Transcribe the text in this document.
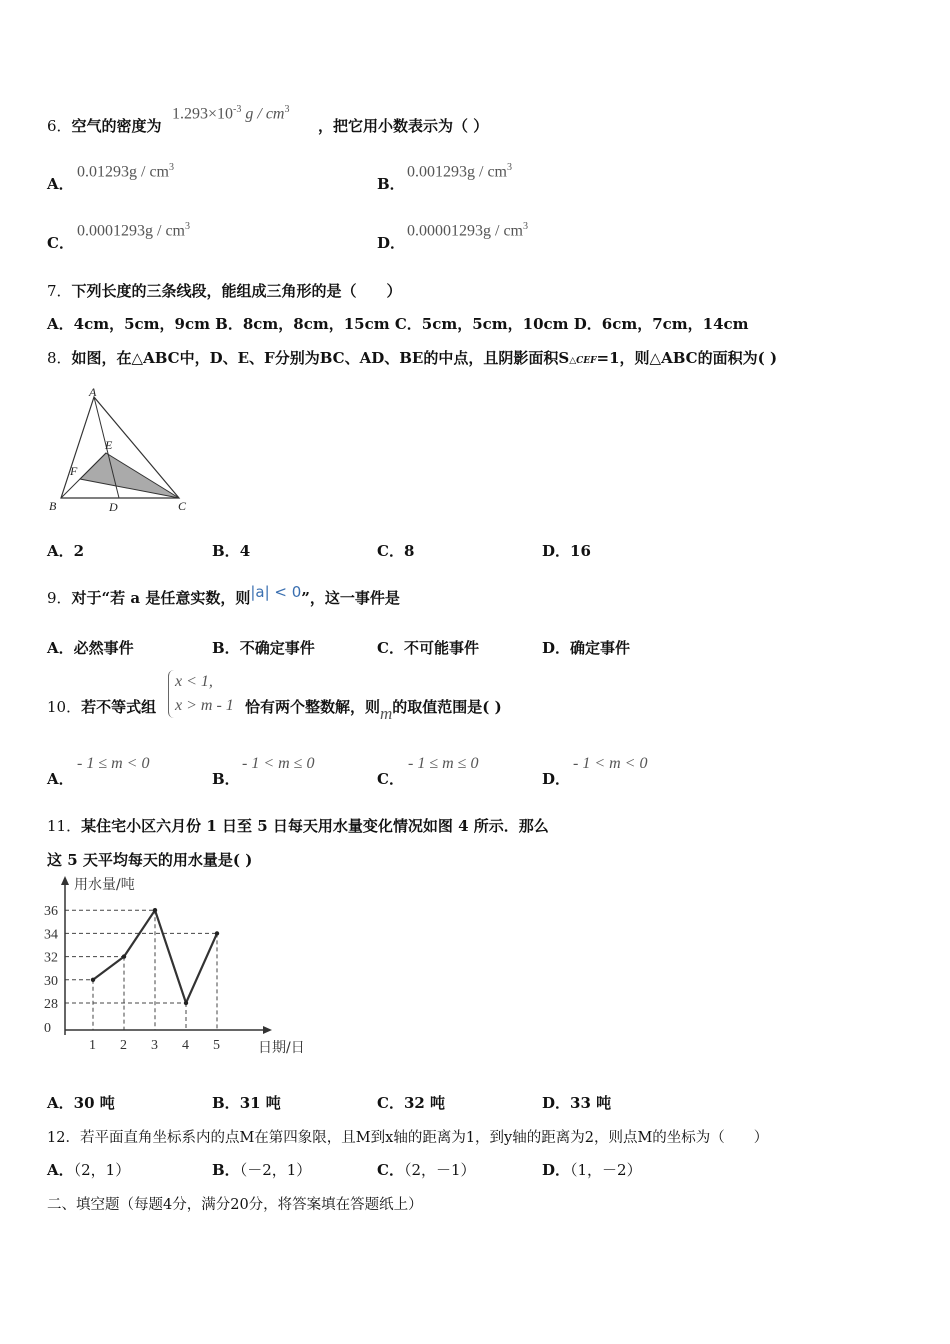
6．空气的密度为
$1.293\times 10^{-3}$ g / $cm^3$
，把它用小数表示为（ ）
A．
$0.01293g / cm^3$
B．
$0.001293g / cm^3$
C．
$0.0001293g / cm^3$
D．
$0.00001293g / cm^3$
7．下列长度的三条线段，能组成三角形的是（　　）
A．4cm，5cm，9cm B．8cm，8cm，15cm C．5cm，5cm，10cm D．6cm，7cm，14cm
8．如图，在△ABC中，D、E、F分别为BC、AD、BE的中点，且阴影面积S△CEF=1，则△ABC的面积为( )
A
E
F
B	D	C
A．2	B．4	C．8	D．16
9．对于“若 a 是任意实数，则|a| < 0”，这一事件是
A．必然事件	B．不确定事件	C．不可能事件	D．确定事件
10．若不等式组
x < 1,
x > m - 1 恰有两个整数解，则m的取值范围是( )
A．
- 1 ≤ m < 0
B．
- 1 < m ≤ 0
C．
- 1 ≤ m ≤ 0
D．
- 1 < m < 0
11．某住宅小区六月份 1 日至 5 日每天用水量变化情况如图 4 所示．那么
这 5 天平均每天的用水量是( )
用水量/吨
日期/日
36
34
32
30
28
0
1 2 3 4 5
A．30 吨	B．31 吨	C．32 吨	D．33 吨
12．若平面直角坐标系内的点M在第四象限，且M到x轴的距离为1，到y轴的距离为2，则点M的坐标为（　　）
A．（2，1）	B．（－2，1）	C．（2，－1）	D．（1，－2）
二、填空题（每题4分，满分20分，将答案填在答题纸上）
